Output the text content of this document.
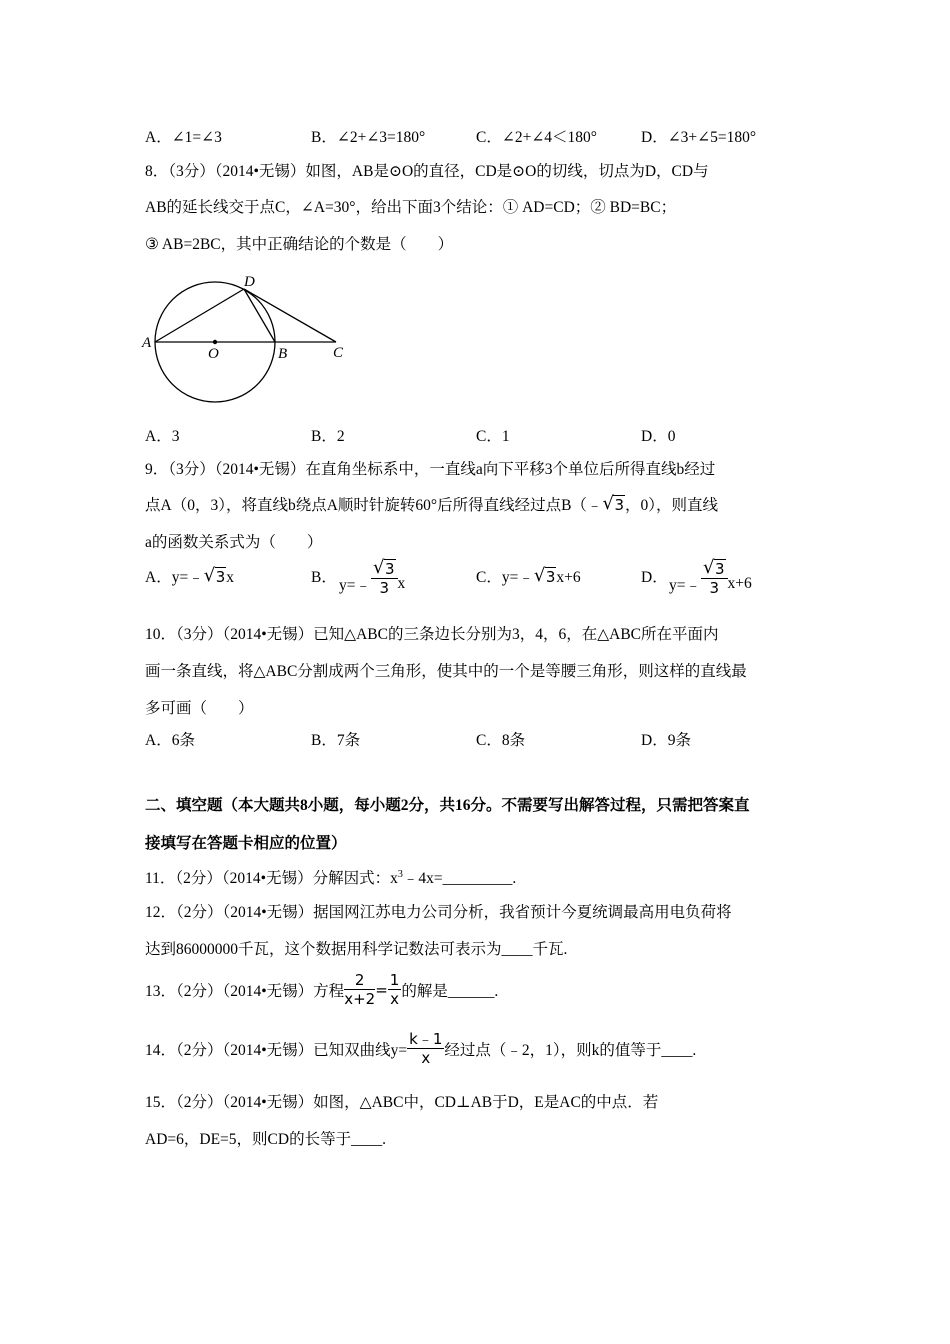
A．∠1=∠3	B．∠2+∠3=180°	C．∠2+∠4＜180°	D．∠3+∠5=180°
8．（3分）（2014•无锡）如图，AB是⊙O的直径，CD是⊙O的切线，切点为D，CD与
AB的延长线交于点C，∠A=30°，给出下面3个结论：① AD=CD；② BD=BC；
③ AB=2BC，其中正确结论的个数是（　　）
A
O	B	C
D
A．3	B．2	C．1	D．0
9．（3分）（2014•无锡）在直角坐标系中，一直线a向下平移3个单位后所得直线b经过
点A（0，3），将直线b绕点A顺时针旋转60°后所得直线经过点B（﹣ √ 3，0），则直线
a的函数关系式为（　　）
A．y=﹣ √ 3x	B． y=﹣ $\frac{√ 3}{3}$ x	C．y=﹣ √ 3x+6	D． y=﹣ $\frac{√ 3}{3} x+6$
10．（3分）（2014•无锡）已知△ABC的三条边长分别为3，4，6，在△ABC所在平面内
画一条直线，将△ABC分割成两个三角形，使其中的一个是等腰三角形，则这样的直线最
多可画（　　）
A．6条	B．7条	C．8条	D．9条
二、填空题（本大题共8小题，每小题2分，共16分。不需要写出解答过程，只需把答案直
接填写在答题卡相应的位置）
11．（2分）（2014•无锡）分解因式：$x^3﹣4x=\_\_\_\_\_\_\_\_\_$.
12．（2分）（2014•无锡）据国网江苏电力公司分析，我省预计今夏统调最高用电负荷将
达到86000000千瓦，这个数据用科学记数法可表示为____千瓦.
13．（2分）（2014•无锡）方程 $\frac{2}{x+2} = \frac{1}{x}$ 的解是______.
14．（2分）（2014•无锡）已知双曲线$y= \frac{k﹣1}{x}$ 经过点（﹣2，1），则k的值等于____.
15．（2分）（2014•无锡）如图，△ABC中，CD⊥AB于D，E是AC的中点．若
AD=6，DE=5，则CD的长等于____.
